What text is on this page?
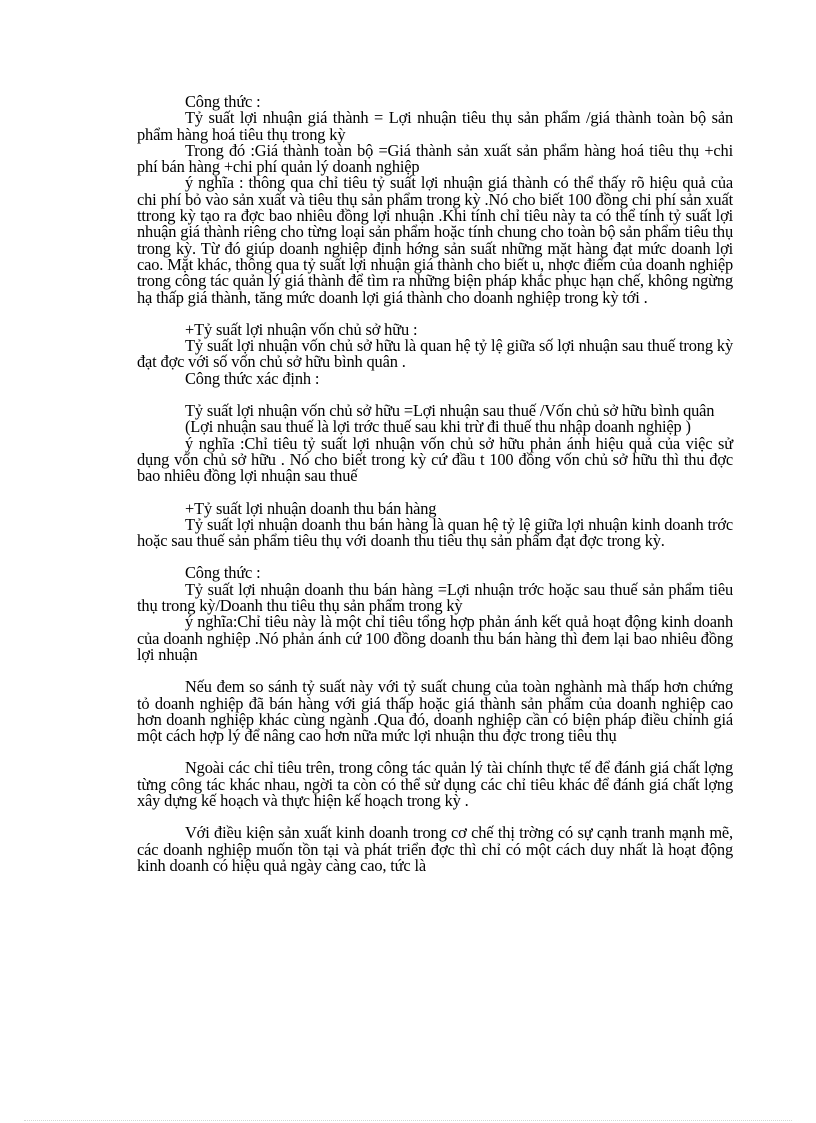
Công thức :

Tỷ suất lợi nhuận giá thành = Lợi nhuận tiêu thụ sản phẩm /giá thành toàn bộ sản phẩm hàng hoá tiêu thụ trong kỳ

Trong đó :Giá thành toàn bộ =Giá thành sản xuất sản phẩm hàng hoá tiêu thụ +chi phí bán hàng +chi phí quản lý doanh nghiệp

ý nghĩa : thông qua chỉ tiêu tỷ suất lợi nhuận giá thành có thể thấy rõ hiệu quả của chi phí bỏ vào sản xuất và tiêu thụ sản phẩm trong kỳ .Nó cho biết 100 đồng chi phí sản xuất ttrong kỳ tạo ra đợc bao nhiêu đồng lợi nhuận .Khi tính chỉ tiêu này ta có thể tính tỷ suất lợi nhuận giá thành riêng cho từng loại sản phẩm hoặc tính chung cho toàn bộ sản phẩm tiêu thụ trong kỳ. Từ đó giúp doanh nghiệp định hớng sản suất những mặt hàng đạt mức doanh lợi cao. Mặt khác, thông qua tỷ suất lợi nhuận giá thành cho biết u, nhợc điểm của doanh nghiệp trong công tác quản lý giá thành để tìm ra những biện pháp khắc phục hạn chế, không ngừng hạ thấp giá thành, tăng mức doanh lợi giá thành cho doanh nghiệp trong kỳ tới .

+Tỷ suất lợi nhuận vốn chủ sở hữu :

Tỷ suất lợi nhuận vốn chủ sở hữu là quan hệ tỷ lệ giữa số lợi nhuận sau thuế trong kỳ đạt đợc với số vốn chủ sở hữu bình quân .

Công thức xác định :

Tỷ suất lợi nhuận vốn chủ sở hữu =Lợi nhuận sau thuế /Vốn chủ sở hữu bình quân

(Lợi nhuận sau thuế là lợi trớc thuế sau khi trừ đi thuế thu nhập doanh nghiệp )

ý nghĩa :Chỉ tiêu tỷ suất lợi nhuận vốn chủ sở hữu phản ánh hiệu quả của việc sử dụng vốn chủ sở hữu . Nó cho biết trong kỳ cứ đầu t 100 đồng vốn chủ sở hữu thì thu đợc bao nhiêu đồng lợi nhuận sau thuế

+Tỷ suất lợi nhuận doanh thu bán hàng

Tỷ suất lợi nhuận doanh thu bán hàng là quan hệ tỷ lệ giữa lợi nhuận kinh doanh trớc hoặc sau thuế sản phẩm tiêu thụ với doanh thu tiêu thụ sản phẩm đạt đợc trong kỳ.

Công thức :

Tỷ suất lợi nhuận doanh thu bán hàng =Lợi nhuận trớc hoặc sau thuế sản phẩm tiêu thụ trong kỳ/Doanh thu tiêu thụ sản phẩm trong kỳ

ý nghĩa:Chỉ tiêu này là một chỉ tiêu tổng hợp phản ánh kết quả hoạt động kinh doanh của doanh nghiệp .Nó phản ánh cứ 100 đồng doanh thu bán hàng thì đem lại bao nhiêu đồng lợi nhuận

Nếu đem so sánh tỷ suất này với tỷ suất chung của toàn nghành mà thấp hơn chứng tỏ doanh nghiệp đã bán hàng với giá thấp hoặc giá thành sản phẩm của doanh nghiệp cao hơn doanh nghiệp khác cùng ngành .Qua đó, doanh nghiệp cần có biện pháp điều chỉnh giá một cách hợp lý để nâng cao hơn nữa mức lợi nhuận thu đợc trong tiêu thụ

Ngoài các chỉ tiêu trên, trong công tác quản lý tài chính thực tế để đánh giá chất lợng từng công tác khác nhau, ngời ta còn có thể sử dụng các chỉ tiêu khác để đánh giá chất lợng xây dựng kế hoạch và thực hiện kế hoạch trong kỳ .

Với điều kiện sản xuất kinh doanh trong cơ chế thị trờng có sự cạnh tranh mạnh mẽ, các doanh nghiệp muốn tồn tại và phát triển đợc thì chỉ có một cách duy nhất là hoạt động kinh doanh có hiệu quả ngày càng cao, tức là
